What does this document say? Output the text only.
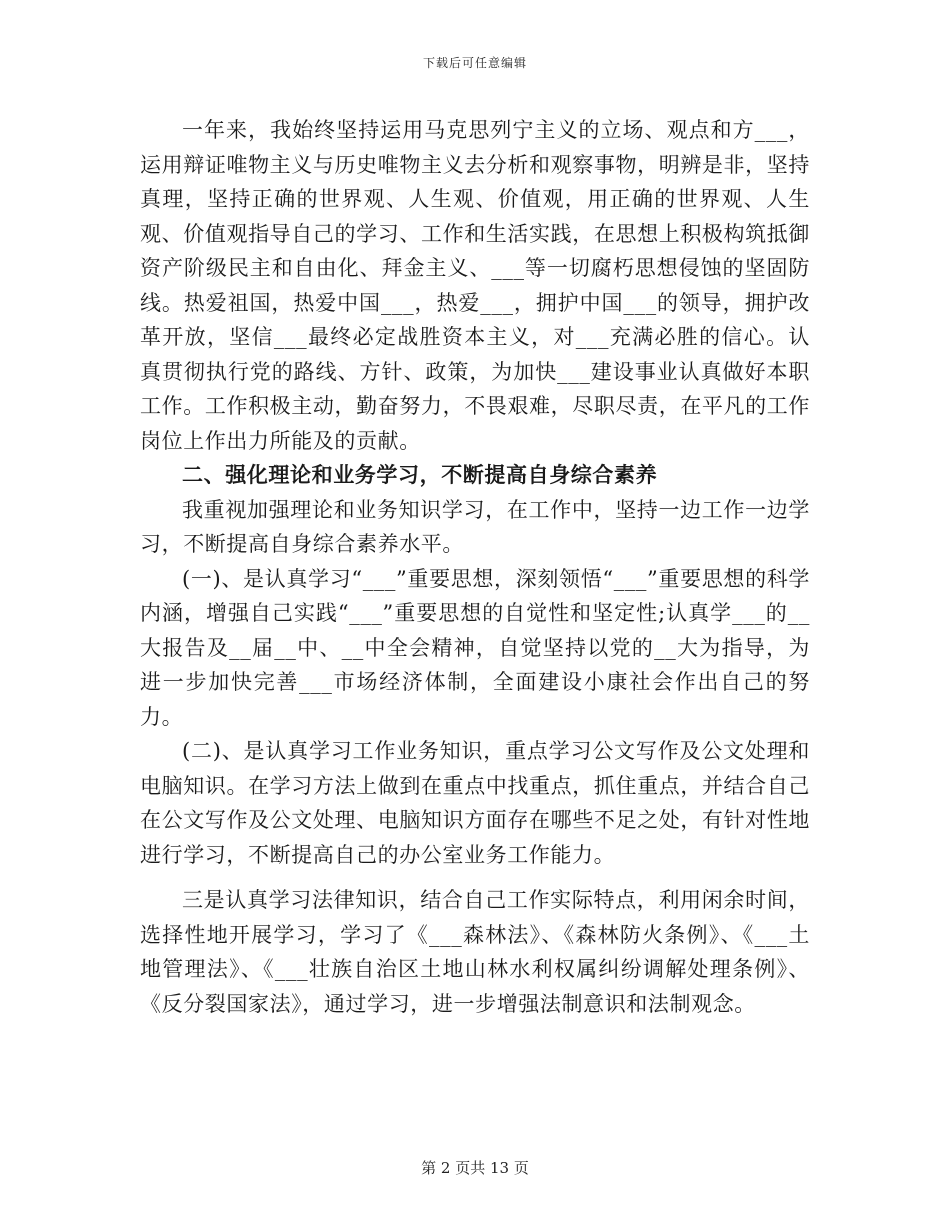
下载后可任意编辑

一年来，我始终坚持运用马克思列宁主义的立场、观点和方___，运用辩证唯物主义与历史唯物主义去分析和观察事物，明辨是非，坚持真理，坚持正确的世界观、人生观、价值观，用正确的世界观、人生观、价值观指导自己的学习、工作和生活实践，在思想上积极构筑抵御资产阶级民主和自由化、拜金主义、___等一切腐朽思想侵蚀的坚固防线。热爱祖国，热爱中国___，热爱___，拥护中国___的领导，拥护改革开放，坚信___最终必定战胜资本主义，对___充满必胜的信心。认真贯彻执行党的路线、方针、政策，为加快___建设事业认真做好本职工作。工作积极主动，勤奋努力，不畏艰难，尽职尽责，在平凡的工作岗位上作出力所能及的贡献。

二、强化理论和业务学习，不断提高自身综合素养

我重视加强理论和业务知识学习，在工作中，坚持一边工作一边学习，不断提高自身综合素养水平。

(一)、是认真学习“___”重要思想，深刻领悟“___”重要思想的科学内涵，增强自己实践“___”重要思想的自觉性和坚定性;认真学___的__大报告及__届__中、__中全会精神，自觉坚持以党的__大为指导，为进一步加快完善___市场经济体制，全面建设小康社会作出自己的努力。

(二)、是认真学习工作业务知识，重点学习公文写作及公文处理和电脑知识。在学习方法上做到在重点中找重点，抓住重点，并结合自己在公文写作及公文处理、电脑知识方面存在哪些不足之处，有针对性地进行学习，不断提高自己的办公室业务工作能力。

三是认真学习法律知识，结合自己工作实际特点，利用闲余时间，选择性地开展学习，学习了《___森林法》、《森林防火条例》、《___土地管理法》、《___壮族自治区土地山林水利权属纠纷调解处理条例》、《反分裂国家法》，通过学习，进一步增强法制意识和法制观念。

第 2 页共 13 页
